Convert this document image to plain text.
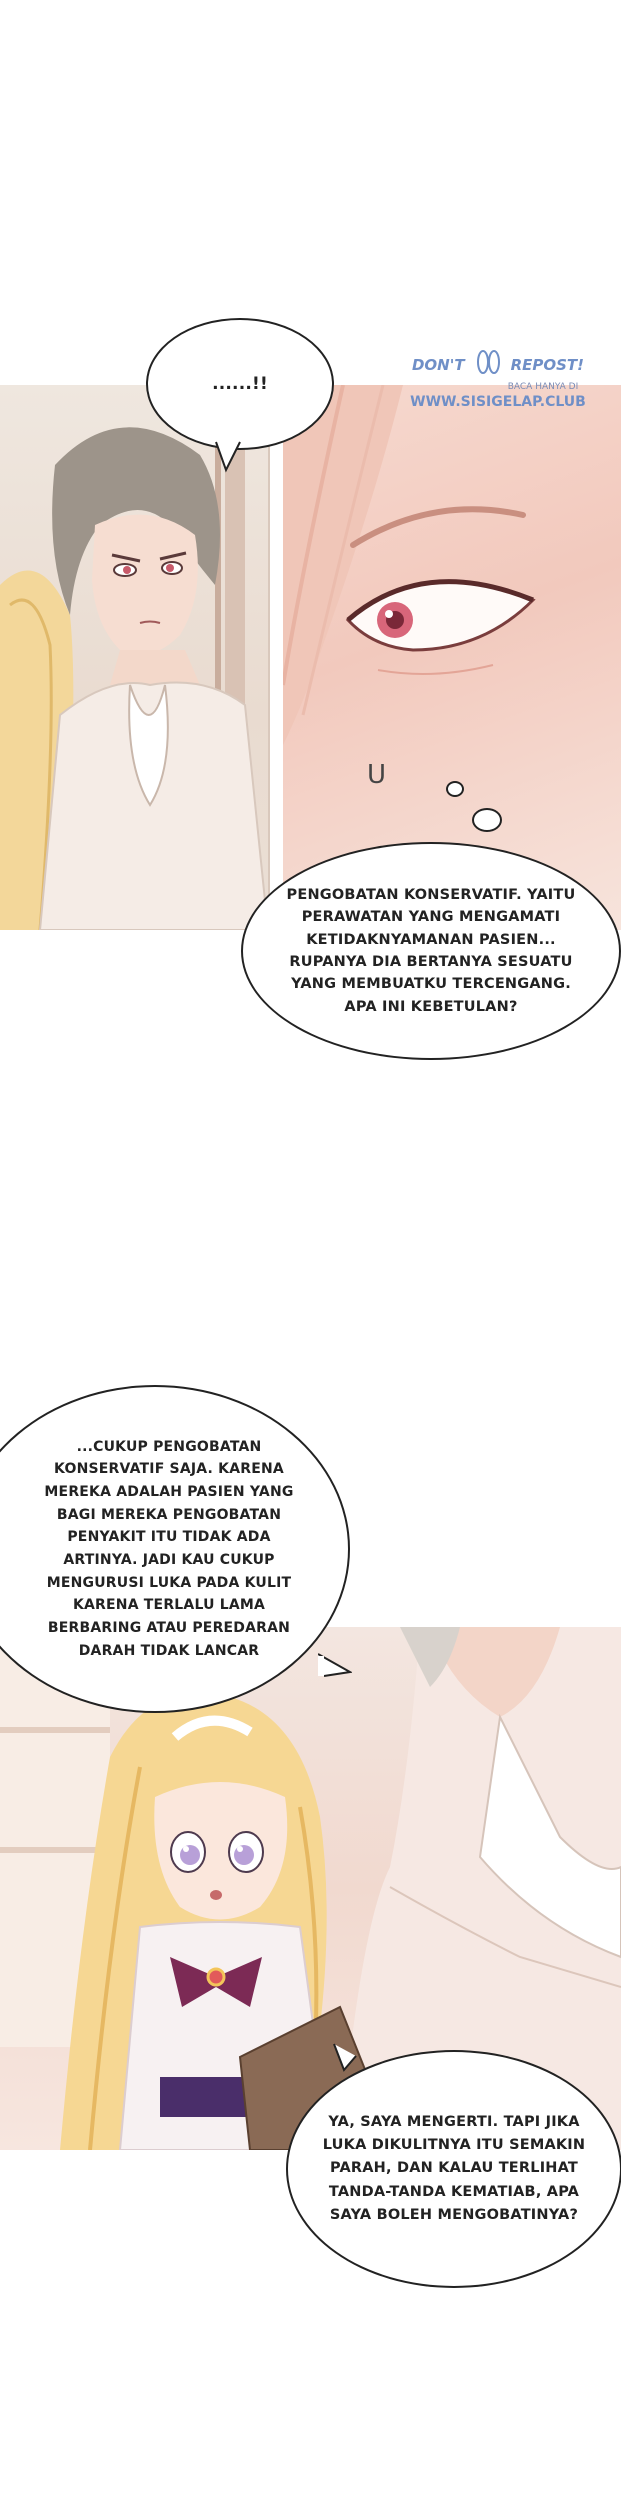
U
......!!
DON'T	REPOST!
BACA HANYA DI
WWW.SISIGELAP.CLUB
PENGOBATAN KONSERVATIF. YAITU PERAWATAN YANG MENGAMATI KETIDAKNYAMANAN PASIEN... RUPANYA DIA BERTANYA SESUATU YANG MEMBUATKU TERCENGANG. APA INI KEBETULAN?
...CUKUP PENGOBATAN KONSERVATIF SAJA. KARENA MEREKA ADALAH PASIEN YANG BAGI MEREKA PENGOBATAN PENYAKIT ITU TIDAK ADA ARTINYA. JADI KAU CUKUP MENGURUSI LUKA PADA KULIT KARENA TERLALU LAMA BERBARING ATAU PEREDARAN DARAH TIDAK LANCAR
YA, SAYA MENGERTI. TAPI JIKA LUKA DIKULITNYA ITU SEMAKIN PARAH, DAN KALAU TERLIHAT TANDA-TANDA KEMATIAB, APA SAYA BOLEH MENGOBATINYA?
